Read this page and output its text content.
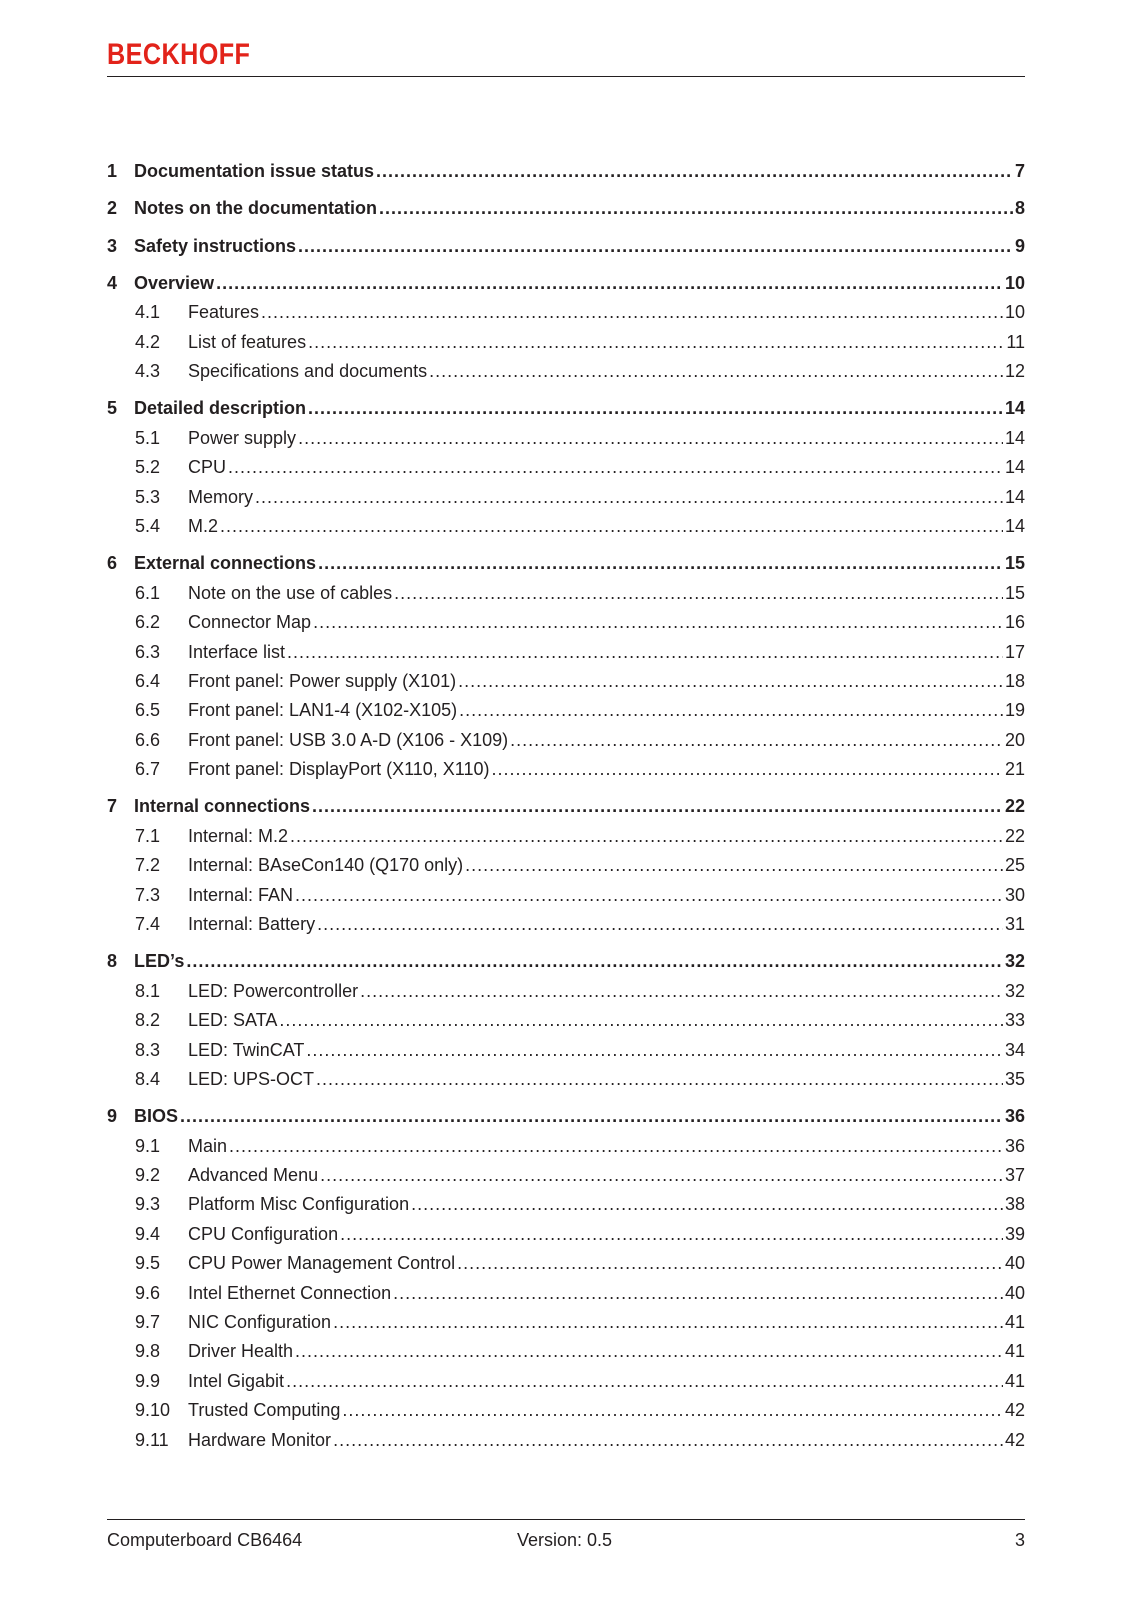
BECKHOFF
1 Documentation issue status .....	7
2 Notes on the documentation .....	8
3 Safety instructions .....	9
4 Overview .....	10
4.1	Features .....	10
4.2	List of features .....	11
4.3	Specifications and documents .....	12
5 Detailed description .....	14
5.1	Power supply .....	14
5.2	CPU .....	14
5.3	Memory .....	14
5.4	M.2 .....	14
6 External connections .....	15
6.1	Note on the use of cables .....	15
6.2	Connector Map .....	16
6.3	Interface list .....	17
6.4	Front panel: Power supply (X101) .....	18
6.5	Front panel: LAN1-4 (X102-X105) .....	19
6.6	Front panel: USB 3.0 A-D (X106 - X109) .....	20
6.7	Front panel: DisplayPort (X110, X110) .....	21
7 Internal connections .....	22
7.1	Internal: M.2 .....	22
7.2	Internal: BAseCon140 (Q170 only) .....	25
7.3	Internal: FAN .....	30
7.4	Internal: Battery .....	31
8 LED’s .....	32
8.1	LED: Powercontroller .....	32
8.2	LED: SATA .....	33
8.3	LED: TwinCAT .....	34
8.4	LED: UPS-OCT .....	35
9 BIOS .....	36
9.1	Main .....	36
9.2	Advanced Menu .....	37
9.3	Platform Misc Configuration .....	38
9.4	CPU Configuration .....	39
9.5	CPU Power Management Control .....	40
9.6	Intel Ethernet Connection .....	40
9.7	NIC Configuration .....	41
9.8	Driver Health .....	41
9.9	Intel Gigabit .....	41
9.10 Trusted Computing .....	42
9.11	Hardware Monitor .....	42
Computerboard CB6464	Version: 0.5	3
